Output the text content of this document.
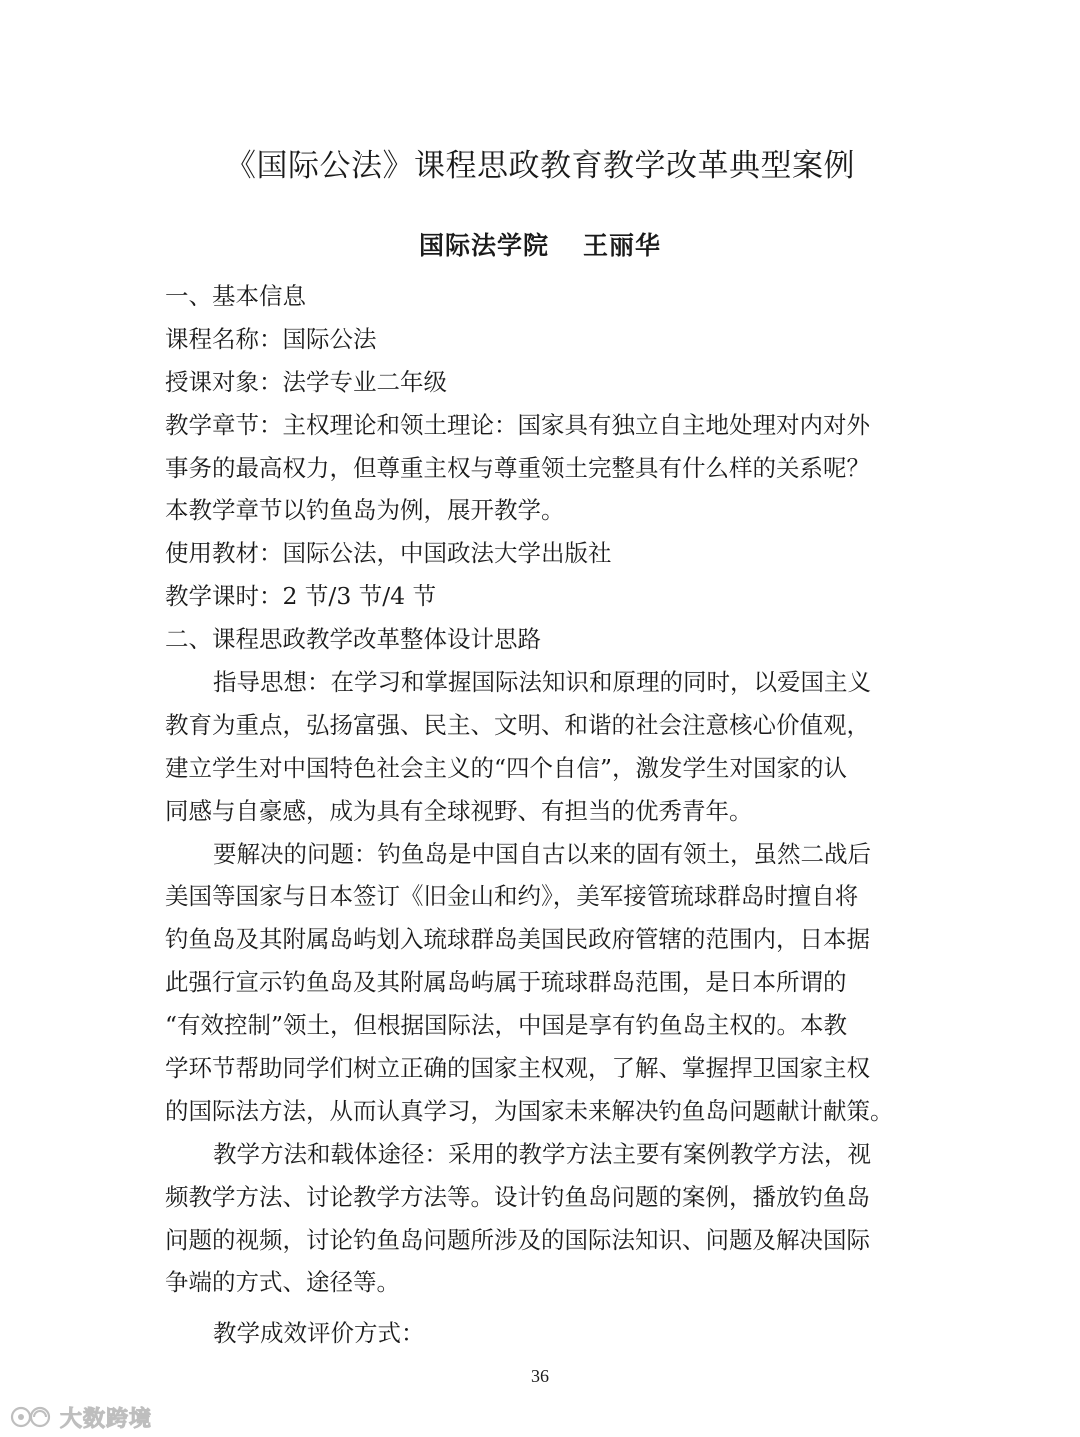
《国际公法》课程思政教育教学改革典型案例
国际法学院 王丽华
一、基本信息
课程名称：国际公法
授课对象：法学专业二年级
教学章节：主权理论和领土理论：国家具有独立自主地处理对内对外
事务的最高权力，但尊重主权与尊重领土完整具有什么样的关系呢？
本教学章节以钓鱼岛为例，展开教学。
使用教材：国际公法，中国政法大学出版社
教学课时：2 节/3 节/4 节
二、课程思政教学改革整体设计思路
指导思想：在学习和掌握国际法知识和原理的同时，以爱国主义
教育为重点，弘扬富强、民主、文明、和谐的社会注意核心价值观，
建立学生对中国特色社会主义的“四个自信”，激发学生对国家的认
同感与自豪感，成为具有全球视野、有担当的优秀青年。
要解决的问题：钓鱼岛是中国自古以来的固有领土，虽然二战后
美国等国家与日本签订《旧金山和约》，美军接管琉球群岛时擅自将
钓鱼岛及其附属岛屿划入琉球群岛美国民政府管辖的范围内，日本据
此强行宣示钓鱼岛及其附属岛屿属于琉球群岛范围，是日本所谓的
“有效控制”领土，但根据国际法，中国是享有钓鱼岛主权的。本教
学环节帮助同学们树立正确的国家主权观，了解、掌握捍卫国家主权
的国际法方法，从而认真学习，为国家未来解决钓鱼岛问题献计献策。
教学方法和载体途径：采用的教学方法主要有案例教学方法，视
频教学方法、讨论教学方法等。设计钓鱼岛问题的案例，播放钓鱼岛
问题的视频，讨论钓鱼岛问题所涉及的国际法知识、问题及解决国际
争端的方式、途径等。
教学成效评价方式：
36
大数跨境
